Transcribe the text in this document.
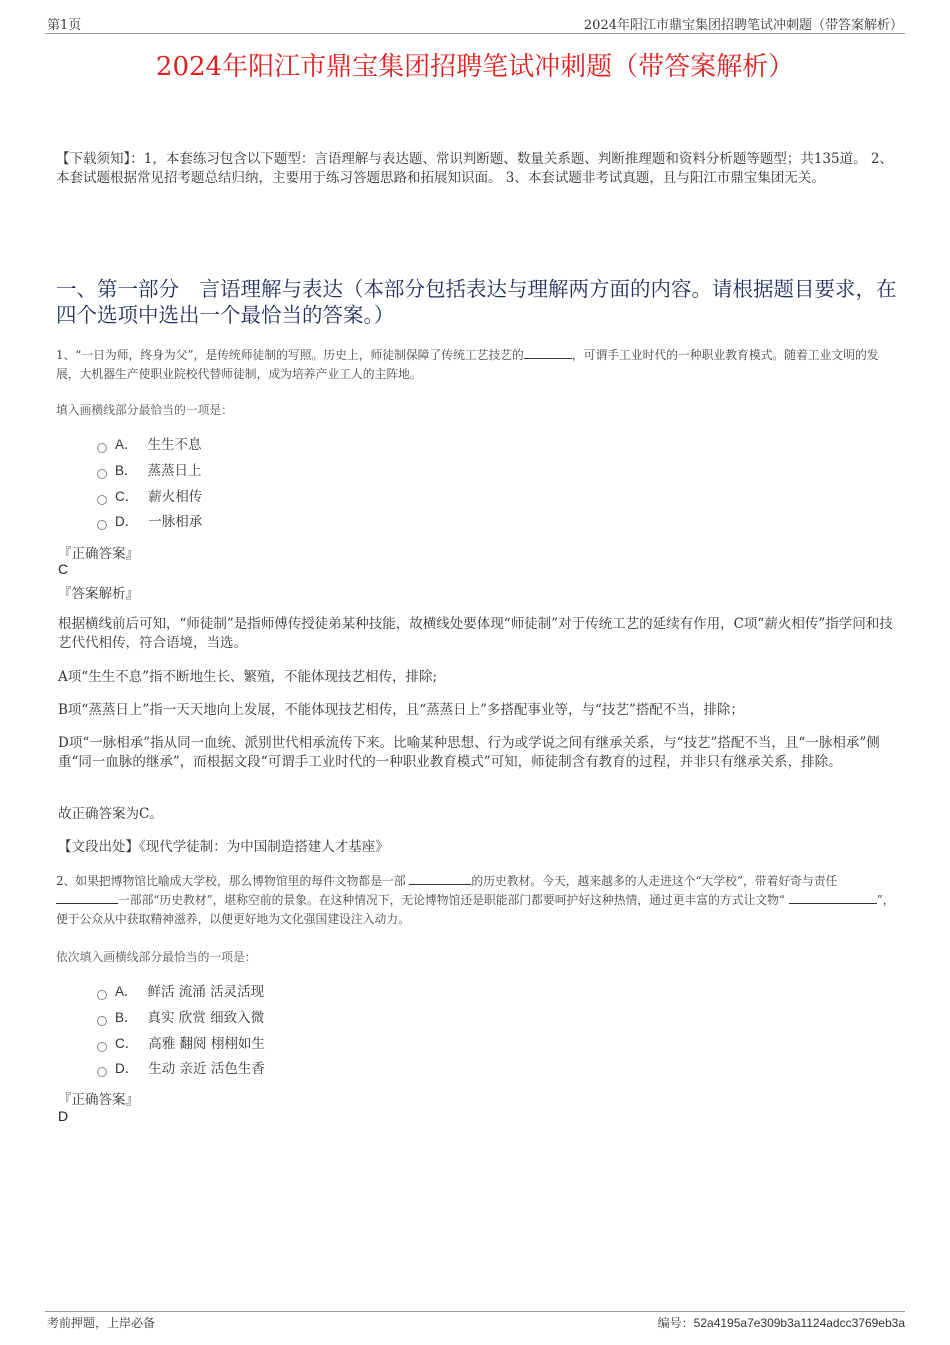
第1页	2024年阳江市鼎宝集团招聘笔试冲刺题（带答案解析）
2024年阳江市鼎宝集团招聘笔试冲刺题（带答案解析）
【下载须知】：1，本套练习包含以下题型：言语理解与表达题、常识判断题、数量关系题、判断推理题和资料分析题等题型；共135道。 2、本套试题根据常见招考题总结归纳，主要用于练习答题思路和拓展知识面。 3、本套试题非考试真题，且与阳江市鼎宝集团无关。
一、第一部分　言语理解与表达（本部分包括表达与理解两方面的内容。请根据题目要求，在四个选项中选出一个最恰当的答案。）
1、“一日为师，终身为父”，是传统师徒制的写照。历史上，师徒制保障了传统工艺技艺的	，可谓手工业时代的一种职业教育模式。随着工业文明的发展，大机器生产使职业院校代替师徒制，成为培养产业工人的主阵地。
填入画横线部分最恰当的一项是：
A． 生生不息
B． 蒸蒸日上
C． 薪火相传
D． 一脉相承
『正确答案』
C
『答案解析』
根据横线前后可知，“师徒制”是指师傅传授徒弟某种技能，故横线处要体现“师徒制”对于传统工艺的延续有作用，C项“薪火相传”指学问和技艺代代相传，符合语境，当选。
A项“生生不息”指不断地生长、繁殖，不能体现技艺相传，排除;
B项“蒸蒸日上”指一天天地向上发展，不能体现技艺相传，且“蒸蒸日上”多搭配事业等，与“技艺”搭配不当，排除；
D项“一脉相承”指从同一血统、派别世代相承流传下来。比喻某种思想、行为或学说之间有继承关系，与“技艺”搭配不当，且“一脉相承”侧重“同一血脉的继承”，而根据文段“可谓手工业时代的一种职业教育模式”可知，师徒制含有教育的过程，并非只有继承关系，排除。
故正确答案为C。
【文段出处】《现代学徒制：为中国制造搭建人才基座》
2、如果把博物馆比喻成大学校，那么博物馆里的每件文物都是一部	的历史教材。今天，越来越多的人走进这个“大学校”，带着好奇与责任 一部部“历史教材”，堪称空前的景象。在这种情况下，无论博物馆还是职能部门都要呵护好这种热情，通过更丰富的方式让文物“	”，便于公众从中获取精神滋养，以便更好地为文化强国建设注入动力。
依次填入画横线部分最恰当的一项是：
A． 鲜活 流涌 活灵活现
B． 真实 欣赏 细致入微
C． 高雅 翻阅 栩栩如生
D． 生动 亲近 活色生香
『正确答案』
D
考前押题，上岸必备	编号：52a4195a7e309b3a1124adcc3769eb3a
